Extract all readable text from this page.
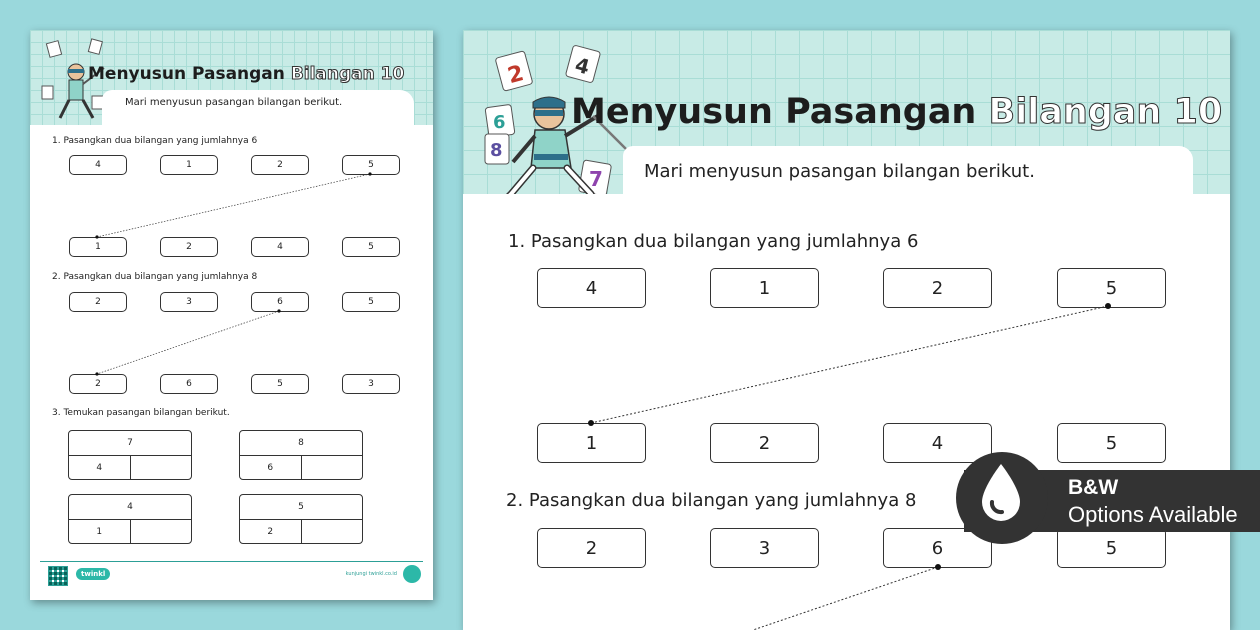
Menyusun Pasangan Bilangan 10
Mari menyusun pasangan bilangan berikut.
1. Pasangkan dua bilangan yang jumlahnya 6
4	1	2	5
1	2	4	5
2. Pasangkan dua bilangan yang jumlahnya 8
2	3	6	5
2	6	5	3
3. Temukan pasangan bilangan berikut.
7
4
8
6
4
1
5
2
twinkl	kunjungi twinkl.co.id
2 4
6
8
7
Menyusun Pasangan Bilangan 10
Mari menyusun pasangan bilangan berikut.
1. Pasangkan dua bilangan yang jumlahnya 6
4	1	2	5
1	2	4	5
2. Pasangkan dua bilangan yang jumlahnya 8
2	3	6	5
B&W
Options Available
